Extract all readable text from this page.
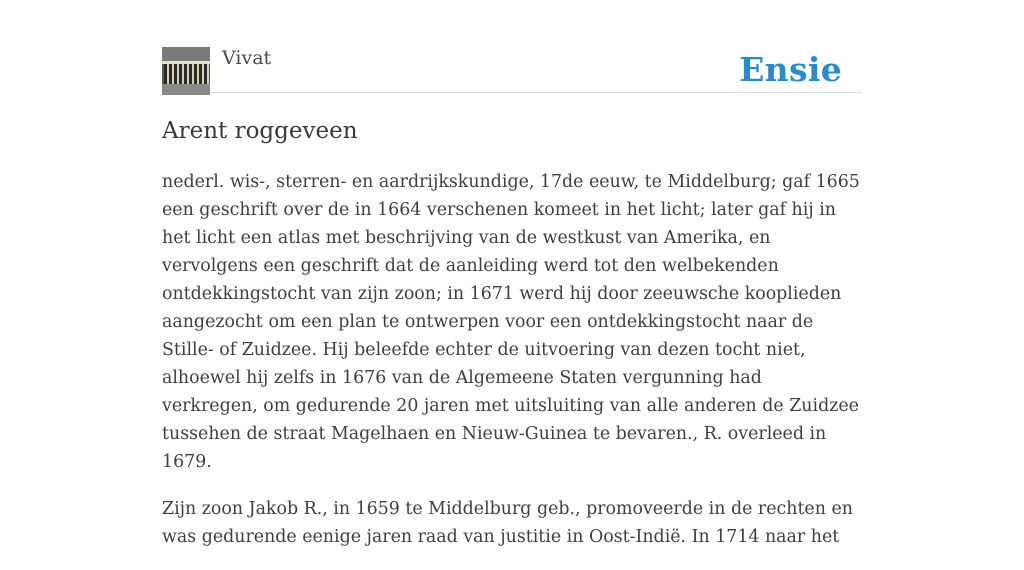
Vivat	Ensie
Arent roggeveen

nederl. wis-, sterren- en aardrijkskundige, 17de eeuw, te Middelburg; gaf 1665 een geschrift over de in 1664 verschenen komeet in het licht; later gaf hij in het licht een atlas met beschrijving van de westkust van Amerika, en vervolgens een geschrift dat de aanleiding werd tot den welbekenden ontdekkingstocht van zijn zoon; in 1671 werd hij door zeeuwsche kooplieden aangezocht om een plan te ontwerpen voor een ontdekkingstocht naar de Stille- of Zuidzee. Hij beleefde echter de uitvoering van dezen tocht niet, alhoewel hij zelfs in 1676 van de Algemeene Staten vergunning had verkregen, om gedurende 20 jaren met uitsluiting van alle anderen de Zuidzee tussehen de straat Magelhaen en Nieuw-Guinea te bevaren., R. overleed in 1679.

Zijn zoon Jakob R., in 1659 te Middelburg geb., promoveerde in de rechten en was gedurende eenige jaren raad van justitie in Oost-Indië. In 1714 naar het
